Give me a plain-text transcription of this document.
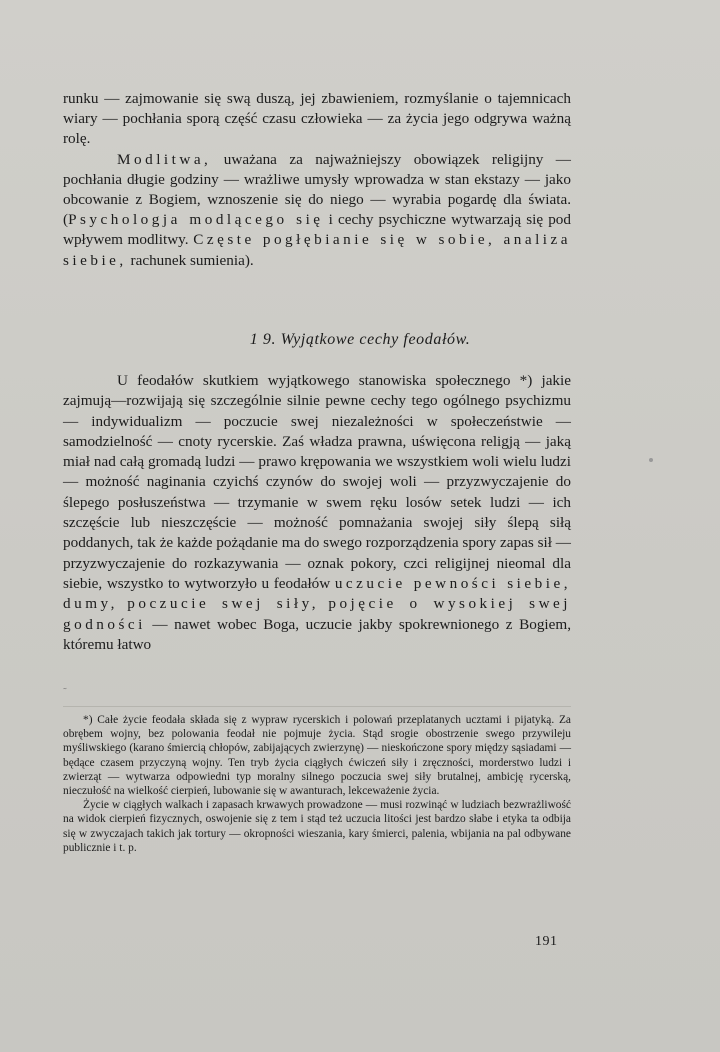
runku — zajmowanie się swą duszą, jej zbawieniem, rozmyślanie o tajemnicach wiary — pochłania sporą część czasu człowieka — za życia jego odgrywa ważną rolę.

Modlitwa, uważana za najważniejszy obowiązek religijny — pochłania długie godziny — wrażliwe umysły wprowadza w stan ekstazy — jako obcowanie z Bogiem, wznoszenie się do niego — wyrabia pogardę dla świata. (Psychologja modlącego się i cechy psychiczne wytwarzają się pod wpływem modlitwy. Częste pogłębianie się w sobie, analiza siebie, rachunek sumienia).

1 9. Wyjątkowe cechy feodałów.

U feodałów skutkiem wyjątkowego stanowiska społecznego *) jakie zajmują—rozwijają się szczególnie silnie pewne cechy tego ogólnego psychizmu — indywidualizm — poczucie swej niezależności w społeczeństwie — samodzielność — cnoty rycerskie. Zaś władza prawna, uświęcona religją — jaką miał nad całą gromadą ludzi — prawo krępowania we wszystkiem woli wielu ludzi — możność naginania czyichś czynów do swojej woli — przyzwyczajenie do ślepego posłuszeństwa — trzymanie w swem ręku losów setek ludzi — ich szczęście lub nieszczęście — możność pomnażania swojej siły ślepą siłą poddanych, tak że każde pożądanie ma do swego rozporządzenia spory zapas sił — przyzwyczajenie do rozkazywania — oznak pokory, czci religijnej nieomal dla siebie, wszystko to wytworzyło u feodałów uczucie pewności siebie, dumy, poczucie swej siły, pojęcie o wysokiej swej godności — nawet wobec Boga, uczucie jakby spokrewnionego z Bogiem, któremu łatwo

˜

*) Całe życie feodała składa się z wypraw rycerskich i polowań przeplatanych ucztami i pijatyką. Za obrębem wojny, bez polowania feodał nie pojmuje życia. Stąd srogie obostrzenie swego przywileju myśliwskiego (karano śmiercią chłopów, zabijających zwierzynę) — nieskończone spory między sąsiadami — będące czasem przyczyną wojny. Ten tryb życia ciągłych ćwiczeń siły i zręczności, morderstwo ludzi i zwierząt — wytwarza odpowiedni typ moralny silnego poczucia swej siły brutalnej, ambicję rycerską, nieczułość na wielkość cierpień, lubowanie się w awanturach, lekceważenie życia.

Życie w ciągłych walkach i zapasach krwawych prowadzone — musi rozwinąć w ludziach bezwrażliwość na widok cierpień fizycznych, oswojenie się z tem i stąd też uczucia litości jest bardzo słabe i etyka ta odbija się w zwyczajach takich jak tortury — okropności wieszania, kary śmierci, palenia, wbijania na pal odbywane publicznie i t. p.

191
